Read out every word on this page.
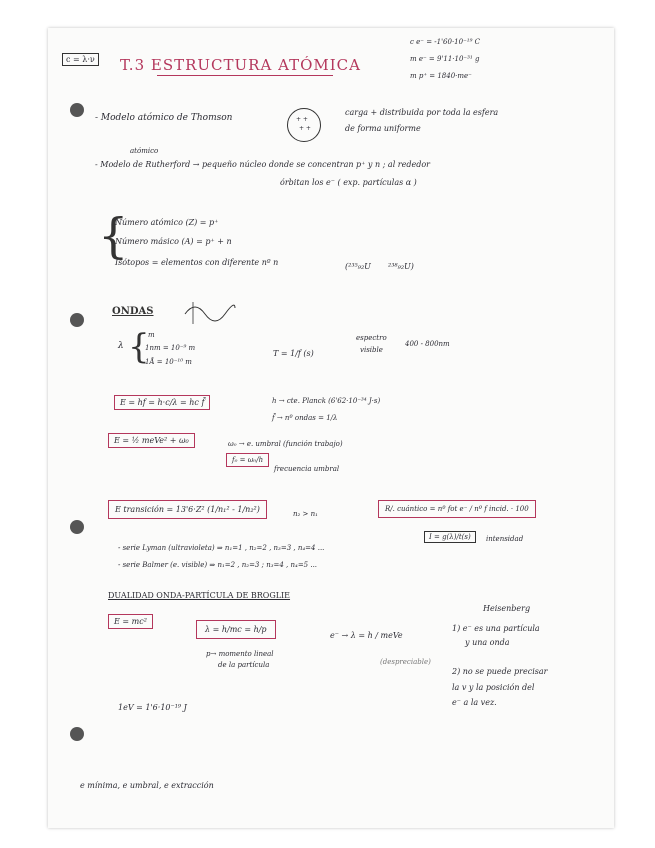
c = λ·ν T.3 ESTRUCTURA ATÓMICA
c e⁻ = -1'60·10⁻¹⁹ C
m e⁻ = 9'11·10⁻³¹ g
m p⁺ = 1840·me⁻
- Modelo atómico de Thomson	+ +
+ +
carga + distribuida por toda la esfera
de forma uniforme
atómico
- Modelo de Rutherford → pequeño núcleo donde se concentran p⁺ y n ; al rededor
órbitan los e⁻ ( exp. partículas α )
{
Número atómico (Z) = p⁺
Número másico (A) = p⁺ + n
Isótopos = elementos con diferente nº n	(²³⁵₉₂U ²³⁸₉₂U)
ONDAS
λ {
m
1nm = 10⁻⁹ m
1Å = 10⁻¹⁰ m
T = 1/f (s)
espectro
visible
400 - 800nm
E = hf = h·c/λ = hc f̄	h → cte. Planck (6'62·10⁻³⁴ J·s)
f̄ → nº ondas = 1/λ
E = ½ meVe² + ω₀	ω₀ → e. umbral (función trabajo)
f₀ = ω₀/h
frecuencia umbral
E transición = 13'6·Z² (1/n₁² - 1/n₂²)	n₂ > n₁
R/. cuántico = nº fot e⁻ / nº f incid. · 100
I = g(λ)/t(s)	intensidad
- serie Lyman (ultravioleta) ⇒ n₁=1 , n₂=2 , n₃=3 , n₄=4 ...
- serie Balmer (e. visible) ⇒ n₁=2 , n₂=3 ; n₃=4 , n₄=5 ...
DUALIDAD ONDA-PARTÍCULA DE BROGLIE
E = mc²
λ = h/mc = h/p
p→ momento lineal
de la partícula
e⁻ → λ = h / meVe
(despreciable)
1eV = 1'6·10⁻¹⁹ J
Heisenberg
1) e⁻ es una partícula
y una onda
2) no se puede precisar
la v y la posición del
e⁻ a la vez.
e mínima, e umbral, e extracción
